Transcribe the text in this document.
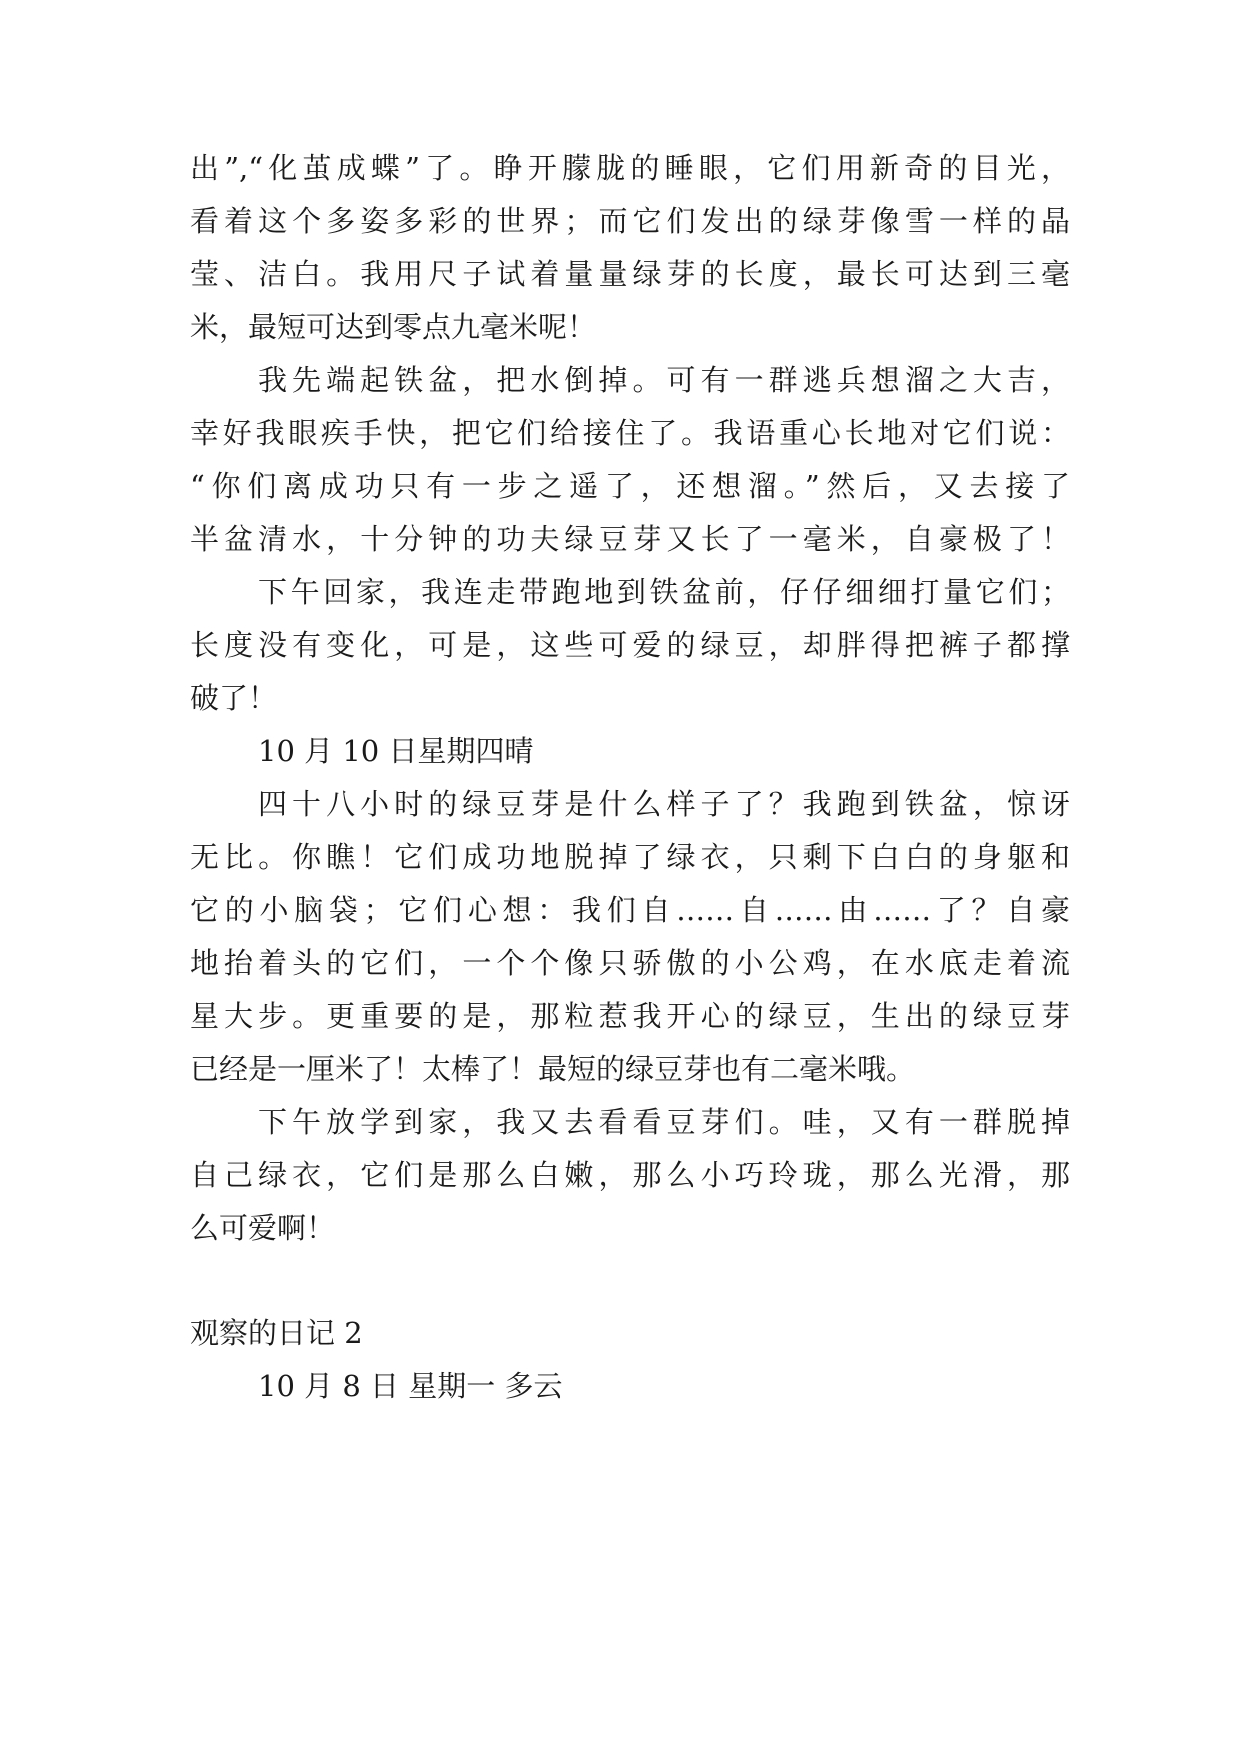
出”,“化茧成蝶”了。睁开朦胧的睡眼，它们用新奇的目光，
看着这个多姿多彩的世界；而它们发出的绿芽像雪一样的晶
莹、洁白。我用尺子试着量量绿芽的长度，最长可达到三毫
米，最短可达到零点九毫米呢！
我先端起铁盆，把水倒掉。可有一群逃兵想溜之大吉，
幸好我眼疾手快，把它们给接住了。我语重心长地对它们说：
“你们离成功只有一步之遥了，还想溜。”然后，又去接了
半盆清水，十分钟的功夫绿豆芽又长了一毫米，自豪极了！
下午回家，我连走带跑地到铁盆前，仔仔细细打量它们；
长度没有变化，可是，这些可爱的绿豆，却胖得把裤子都撑
破了！
10 月 10 日星期四晴
四十八小时的绿豆芽是什么样子了？我跑到铁盆，惊讶
无比。你瞧！它们成功地脱掉了绿衣，只剩下白白的身躯和
它的小脑袋；它们心想：我们自……自……由……了？自豪
地抬着头的它们，一个个像只骄傲的小公鸡，在水底走着流
星大步。更重要的是，那粒惹我开心的绿豆，生出的绿豆芽
已经是一厘米了！太棒了！最短的绿豆芽也有二毫米哦。
下午放学到家，我又去看看豆芽们。哇，又有一群脱掉
自己绿衣，它们是那么白嫩，那么小巧玲珑，那么光滑，那
么可爱啊！
观察的日记 2
10 月 8 日 星期一 多云
